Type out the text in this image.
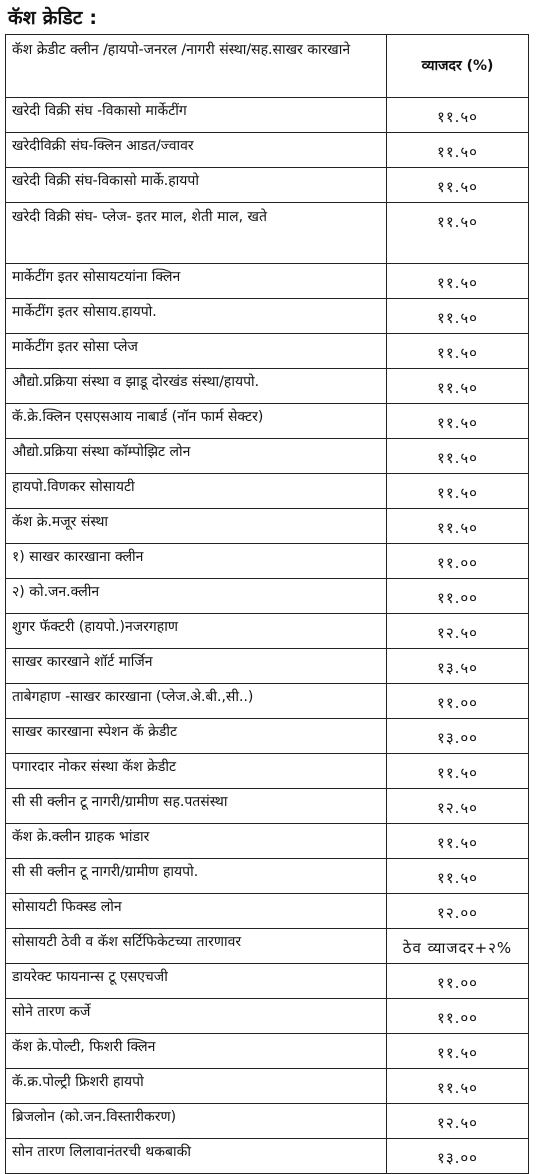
कॅश क्रेडिट :
कॅश क्रेडीट क्लीन /हायपो-जनरल /नागरी संस्था/सह.साखर कारखाने	व्याजदर (%)
खरेदी विक्री संघ -विकासो मार्केटींग	११.५०
खरेदीविक्री संघ-क्लिन आडत/ज्वावर	११.५०
खरेदी विक्री संघ-विकासो मार्के.हायपो	११.५०
खरेदी विक्री संघ- प्लेज- इतर माल, शेती माल, खते	११.५०
मार्केटींग इतर सोसायटयांना क्लिन	११.५०
मार्केटींग इतर सोसाय.हायपो.	११.५०
मार्केटींग इतर सोसा प्लेज	११.५०
औद्यो.प्रक्रिया संस्था व झाडू दोरखंड संस्था/हायपो.	११.५०
कॅ.क्रे.क्लिन एसएसआय नाबार्ड (नॉन फार्म सेक्टर)	११.५०
औद्यो.प्रक्रिया संस्था कॉम्पोझिट लोन	११.५०
हायपो.विणकर सोसायटी	११.५०
कॅश क्रे.मजूर संस्था	११.५०
१) साखर कारखाना क्लीन	११.००
२) को.जन.क्लीन	११.००
शुगर फॅक्टरी (हायपो.)नजरगहाण	१२.५०
साखर कारखाने शॉर्ट मार्जिन	१३.५०
ताबेगहाण -साखर कारखाना (प्लेज.अे.बी.,सी..)	११.००
साखर कारखाना स्पेशन कॅ क्रेडीट	१३.००
पगारदार नोकर संस्था कॅश क्रेडीट	११.५०
सी सी क्लीन टू नागरी/ग्रामीण सह.पतसंस्था	१२.५०
कॅश क्रे.क्लीन ग्राहक भांडार	११.५०
सी सी क्लीन टू नागरी/ग्रामीण हायपो.	११.५०
सोसायटी फिक्स्ड लोन	१२.००
सोसायटी ठेवी व कॅश सर्टिफिकेटच्या तारणावर	ठेव व्याजदर+२%
डायरेक्ट फायनान्स टू एसएचजी	११.००
सोने तारण कर्जे	११.००
कॅश क्रे.पोल्टी, फिशरी क्लिन	११.५०
कॅ.क्र.पोल्ट्री फ्रिशरी हायपो	११.५०
ब्रिजलोन (को.जन.विस्तारीकरण)	१२.५०
सोन तारण लिलावानंतरची थकबाकी	१३.००
